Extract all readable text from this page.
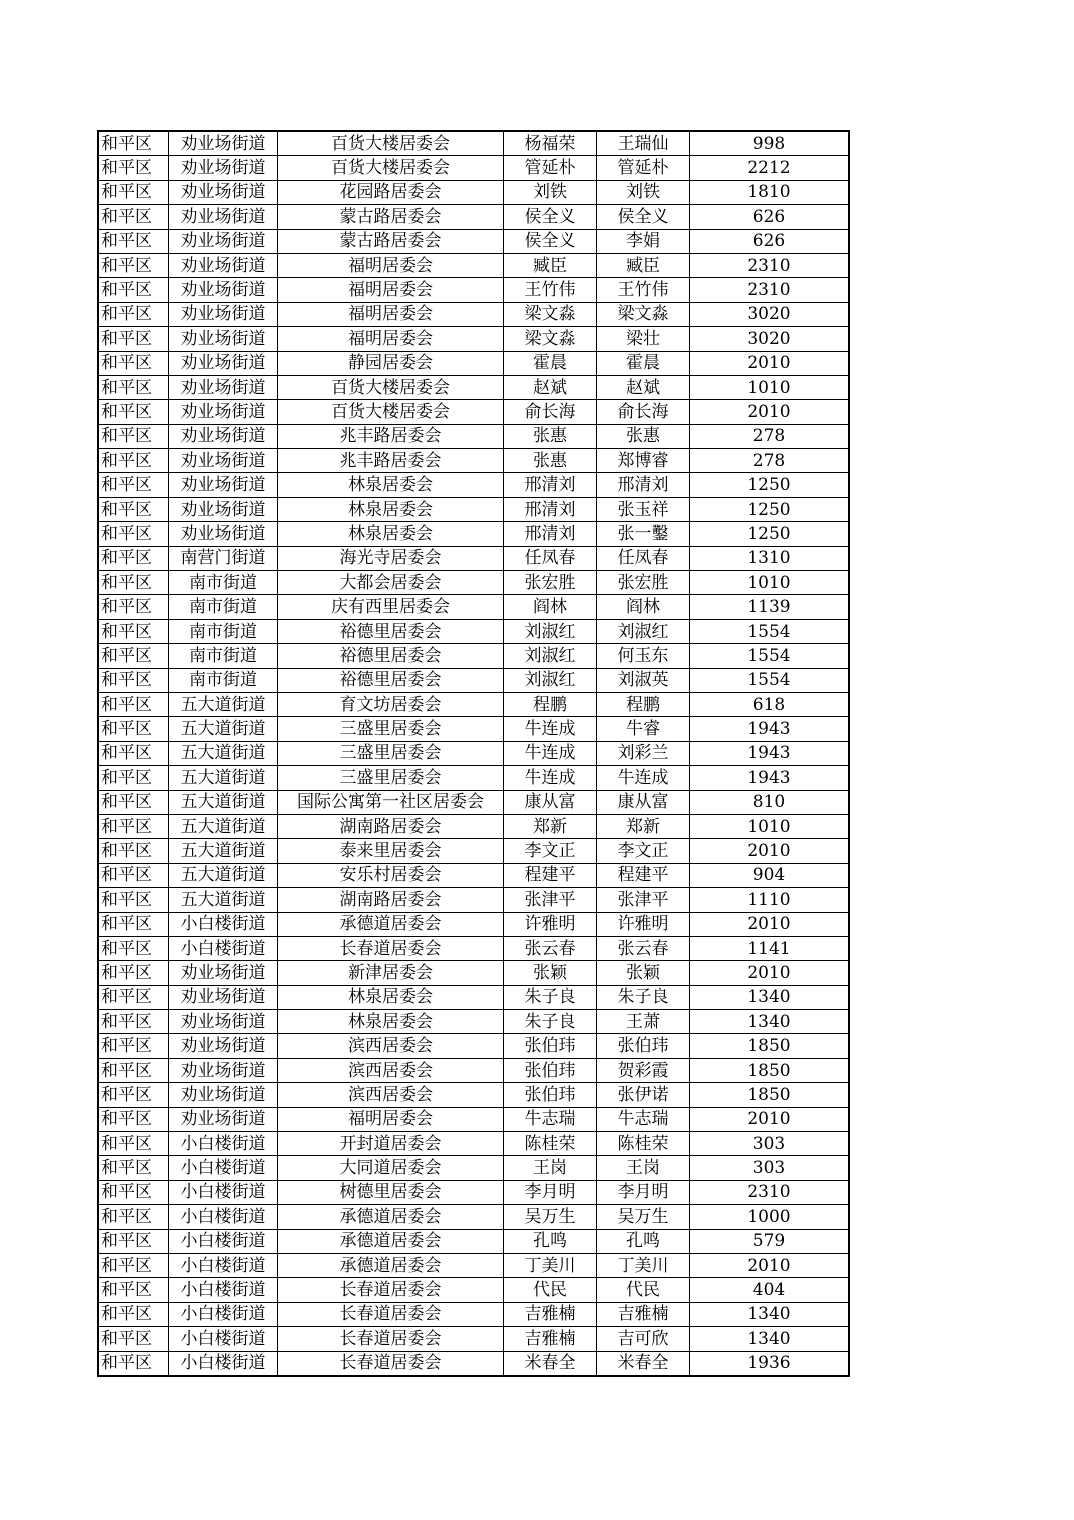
和平区	劝业场街道	百货大楼居委会	杨福荣	王瑞仙	998
和平区	劝业场街道	百货大楼居委会	管延朴	管延朴	2212
和平区	劝业场街道	花园路居委会	刘铁	刘铁	1810
和平区	劝业场街道	蒙古路居委会	侯全义	侯全义	626
和平区	劝业场街道	蒙古路居委会	侯全义	李娟	626
和平区	劝业场街道	福明居委会	臧臣	臧臣	2310
和平区	劝业场街道	福明居委会	王竹伟	王竹伟	2310
和平区	劝业场街道	福明居委会	梁文淼	梁文淼	3020
和平区	劝业场街道	福明居委会	梁文淼	梁壮	3020
和平区	劝业场街道	静园居委会	霍晨	霍晨	2010
和平区	劝业场街道	百货大楼居委会	赵斌	赵斌	1010
和平区	劝业场街道	百货大楼居委会	俞长海	俞长海	2010
和平区	劝业场街道	兆丰路居委会	张惠	张惠	278
和平区	劝业场街道	兆丰路居委会	张惠	郑博睿	278
和平区	劝业场街道	林泉居委会	邢清刘	邢清刘	1250
和平区	劝业场街道	林泉居委会	邢清刘	张玉祥	1250
和平区	劝业场街道	林泉居委会	邢清刘	张一鑿	1250
和平区	南营门街道	海光寺居委会	任凤春	任凤春	1310
和平区	南市街道	大都会居委会	张宏胜	张宏胜	1010
和平区	南市街道	庆有西里居委会	阎林	阎林	1139
和平区	南市街道	裕德里居委会	刘淑红	刘淑红	1554
和平区	南市街道	裕德里居委会	刘淑红	何玉东	1554
和平区	南市街道	裕德里居委会	刘淑红	刘淑英	1554
和平区	五大道街道	育文坊居委会	程鹏	程鹏	618
和平区	五大道街道	三盛里居委会	牛连成	牛睿	1943
和平区	五大道街道	三盛里居委会	牛连成	刘彩兰	1943
和平区	五大道街道	三盛里居委会	牛连成	牛连成	1943
和平区	五大道街道	国际公寓第一社区居委会	康从富	康从富	810
和平区	五大道街道	湖南路居委会	郑新	郑新	1010
和平区	五大道街道	泰来里居委会	李文正	李文正	2010
和平区	五大道街道	安乐村居委会	程建平	程建平	904
和平区	五大道街道	湖南路居委会	张津平	张津平	1110
和平区	小白楼街道	承德道居委会	许雅明	许雅明	2010
和平区	小白楼街道	长春道居委会	张云春	张云春	1141
和平区	劝业场街道	新津居委会	张颖	张颖	2010
和平区	劝业场街道	林泉居委会	朱子良	朱子良	1340
和平区	劝业场街道	林泉居委会	朱子良	王萧	1340
和平区	劝业场街道	滨西居委会	张伯玮	张伯玮	1850
和平区	劝业场街道	滨西居委会	张伯玮	贺彩霞	1850
和平区	劝业场街道	滨西居委会	张伯玮	张伊诺	1850
和平区	劝业场街道	福明居委会	牛志瑞	牛志瑞	2010
和平区	小白楼街道	开封道居委会	陈桂荣	陈桂荣	303
和平区	小白楼街道	大同道居委会	王岗	王岗	303
和平区	小白楼街道	树德里居委会	李月明	李月明	2310
和平区	小白楼街道	承德道居委会	吴万生	吴万生	1000
和平区	小白楼街道	承德道居委会	孔鸣	孔鸣	579
和平区	小白楼街道	承德道居委会	丁美川	丁美川	2010
和平区	小白楼街道	长春道居委会	代民	代民	404
和平区	小白楼街道	长春道居委会	吉雅楠	吉雅楠	1340
和平区	小白楼街道	长春道居委会	吉雅楠	吉可欣	1340
和平区	小白楼街道	长春道居委会	米春全	米春全	1936
